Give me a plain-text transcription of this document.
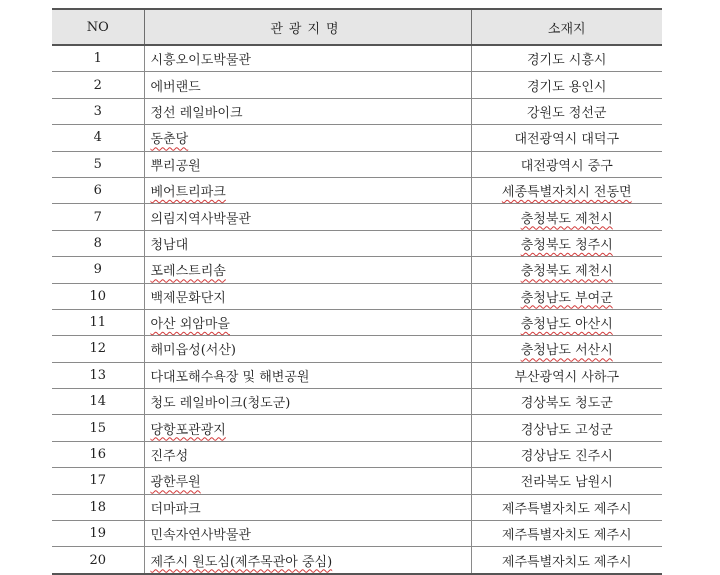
NO	관광지명	소재지
1	시흥오이도박물관	경기도 시흥시
2	에버랜드	경기도 용인시
3	정선 레일바이크	강원도 정선군
4	동춘당	대전광역시 대덕구
5	뿌리공원	대전광역시 중구
6	베어트리파크	세종특별자치시 전동면
7	의림지역사박물관	충청북도 제천시
8	청남대	충청북도 청주시
9	포레스트리솜	충청북도 제천시
10	백제문화단지	충청남도 부여군
11	아산 외암마을	충청남도 아산시
12	해미읍성(서산)	충청남도 서산시
13	다대포해수욕장 및 해변공원	부산광역시 사하구
14	청도 레일바이크(청도군)	경상북도 청도군
15	당항포관광지	경상남도 고성군
16	진주성	경상남도 진주시
17	광한루원	전라북도 남원시
18	더마파크	제주특별자치도 제주시
19	민속자연사박물관	제주특별자치도 제주시
20	제주시 원도심(제주목관아 중심)	제주특별자치도 제주시
